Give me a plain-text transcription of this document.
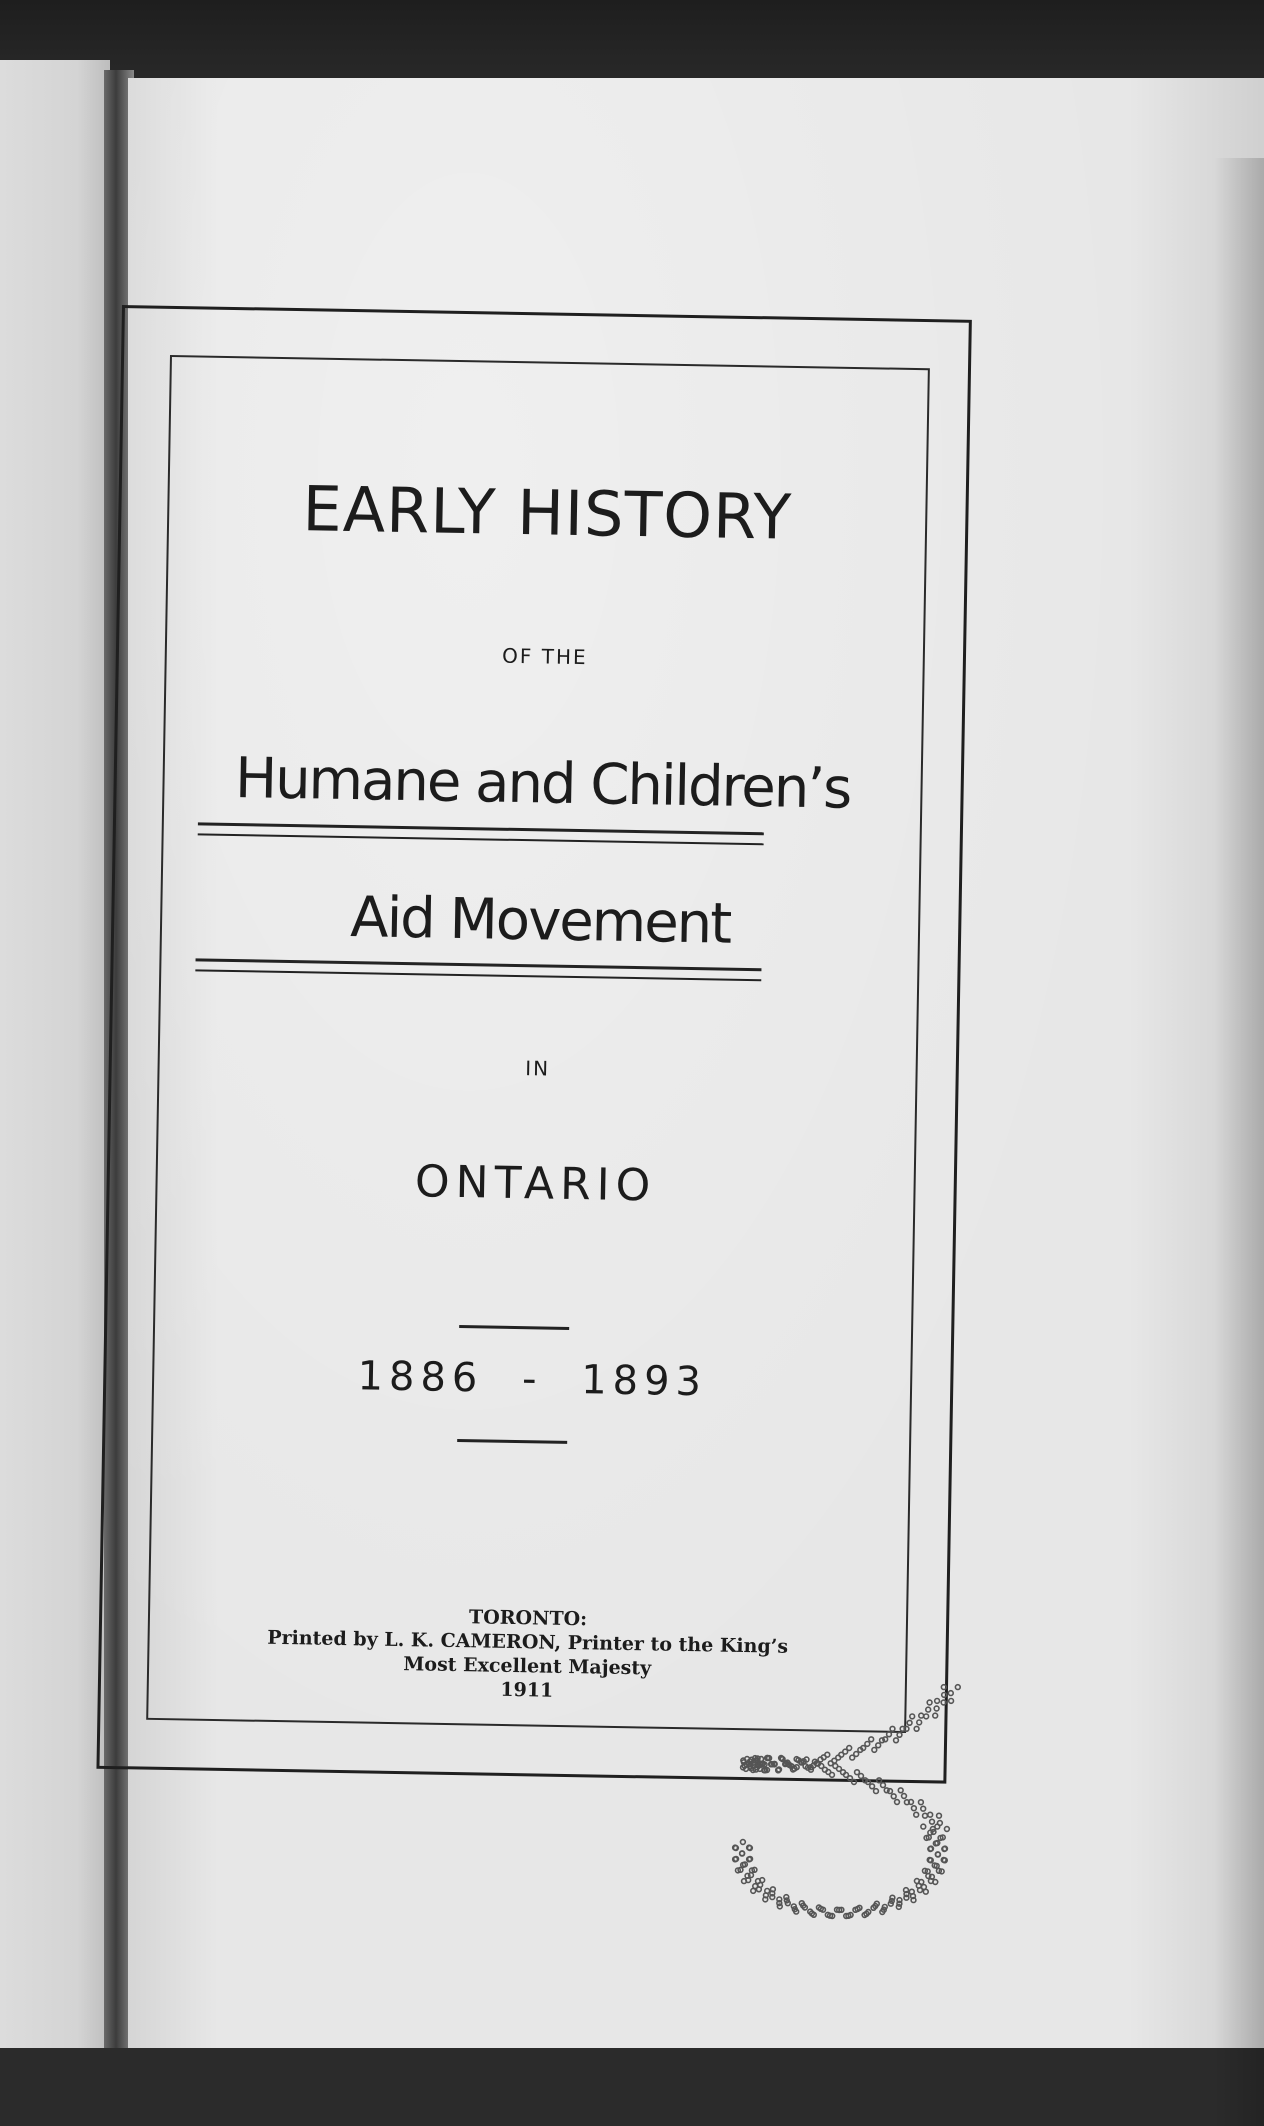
EARLY HISTORY
OF THE
Humane and Children’s
Aid Movement
IN
ONTARIO
1886 - 1893
TORONTO:
Printed by L. K. CAMERON, Printer to the King’s
Most Excellent Majesty
1911
